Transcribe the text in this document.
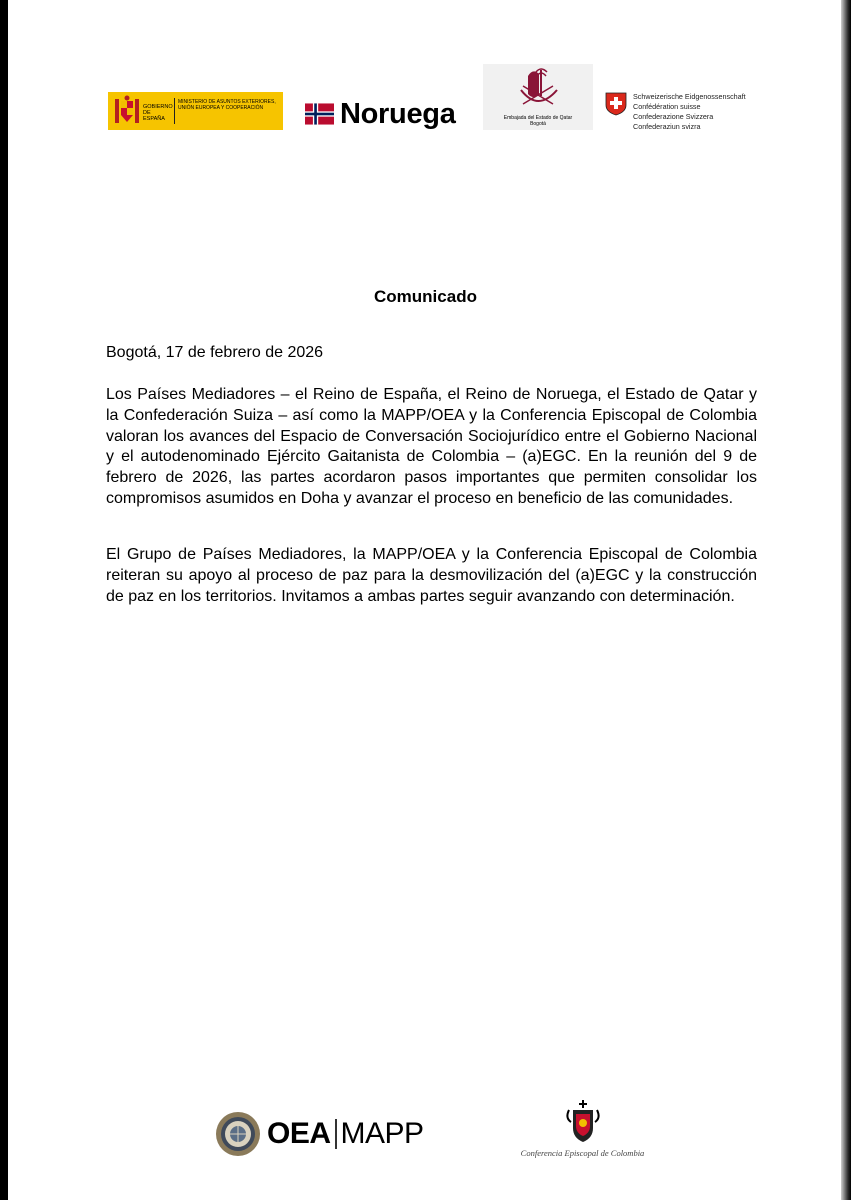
GOBIERNO DE ESPAÑA
MINISTERIO DE ASUNTOS EXTERIORES, UNIÓN EUROPEA Y COOPERACIÓN	Noruega	Embajada del Estado de Qatar
Bogotá
Schweizerische Eidgenossenschaft
Confédération suisse
Confederazione Svizzera
Confederaziun svizra
Comunicado
Bogotá, 17 de febrero de 2026
Los Países Mediadores – el Reino de España, el Reino de Noruega, el Estado de Qatar y la Confederación Suiza – así como la MAPP/OEA y la Conferencia Episcopal de Colombia valoran los avances del Espacio de Conversación Sociojurídico entre el Gobierno Nacional y el autodenominado Ejército Gaitanista de Colombia – (a)EGC. En la reunión del 9 de febrero de 2026, las partes acordaron pasos importantes que permiten consolidar los compromisos asumidos en Doha y avanzar el proceso en beneficio de las comunidades.
El Grupo de Países Mediadores, la MAPP/OEA y la Conferencia Episcopal de Colombia reiteran su apoyo al proceso de paz para la desmovilización del (a)EGC y la construcción de paz en los territorios. Invitamos a ambas partes seguir avanzando con determinación.
OEA MAPP
Conferencia Episcopal de Colombia
